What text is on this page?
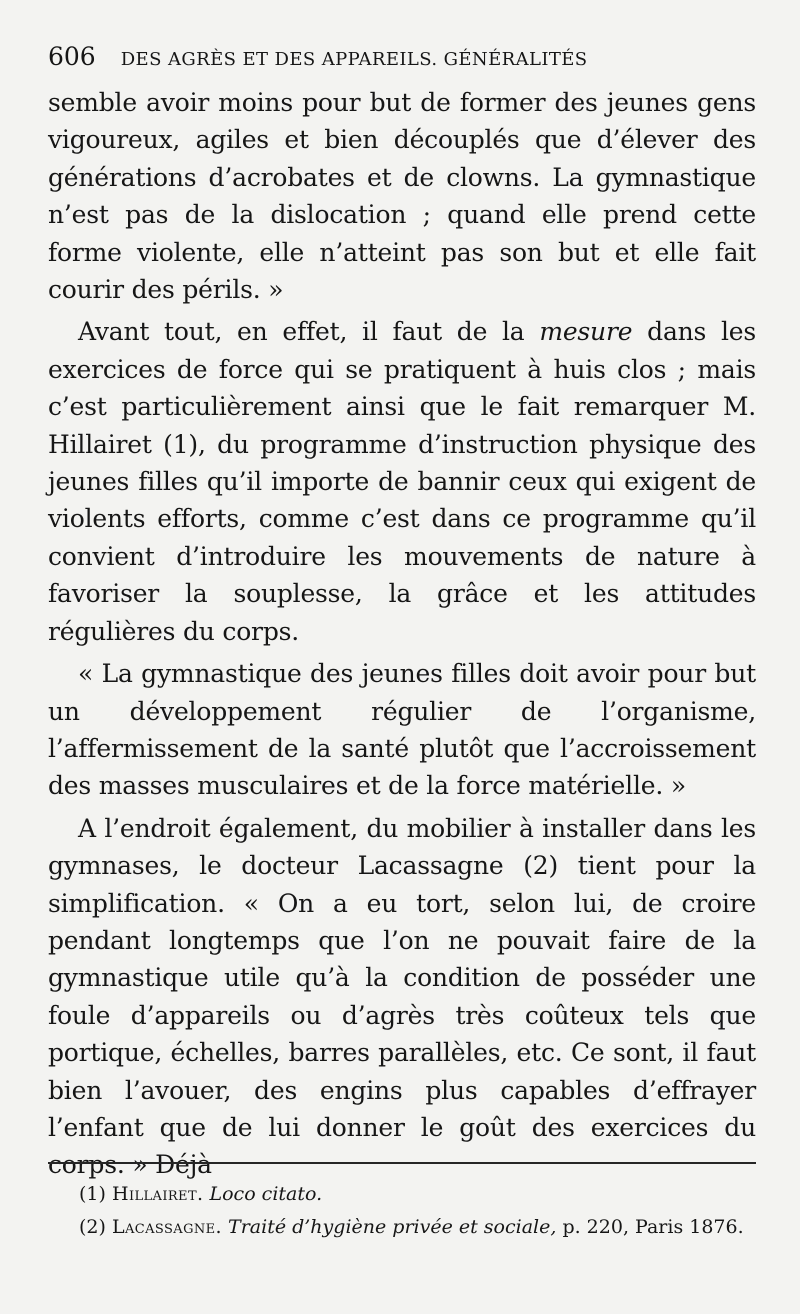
606 DES AGRÈS ET DES APPAREILS. GÉNÉRALITÉS

semble avoir moins pour but de former des jeunes gens vigoureux, agiles et bien découplés que d’élever des générations d’acrobates et de clowns. La gymnastique n’est pas de la dislocation ; quand elle prend cette forme violente, elle n’atteint pas son but et elle fait courir des périls. »

Avant tout, en effet, il faut de la mesure dans les exercices de force qui se pratiquent à huis clos ; mais c’est particulièrement ainsi que le fait remarquer M. Hillairet (1), du programme d’instruction physique des jeunes filles qu’il importe de bannir ceux qui exigent de violents efforts, comme c’est dans ce programme qu’il convient d’introduire les mouvements de nature à favoriser la souplesse, la grâce et les attitudes régulières du corps.

« La gymnastique des jeunes filles doit avoir pour but un développement régulier de l’organisme, l’affermissement de la santé plutôt que l’accroissement des masses musculaires et de la force matérielle. »

A l’endroit également, du mobilier à installer dans les gymnases, le docteur Lacassagne (2) tient pour la simplification. « On a eu tort, selon lui, de croire pendant longtemps que l’on ne pouvait faire de la gymnastique utile qu’à la condition de posséder une foule d’appareils ou d’agrès très coûteux tels que portique, échelles, barres parallèles, etc. Ce sont, il faut bien l’avouer, des engins plus capables d’effrayer l’enfant que de lui donner le goût des exercices du corps. » Déjà

(1) Hillairet. Loco citato.

(2) Lacassagne. Traité d’hygiène privée et sociale, p. 220, Paris 1876.
